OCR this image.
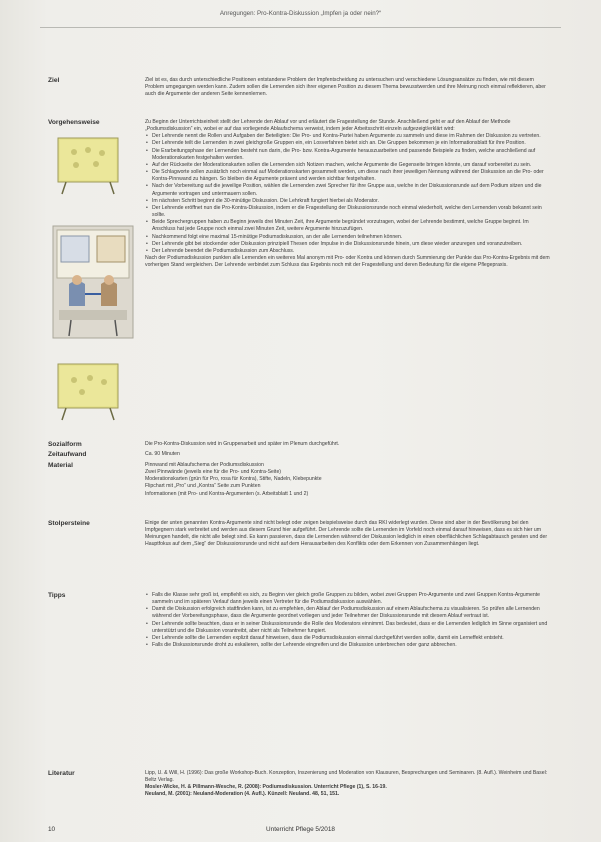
Anregungen: Pro-Kontra-Diskussion „Impfen ja oder nein?“
Ziel
Vorgehensweise
Sozialform
Zeitaufwand
Material
Stolpersteine
Tipps
Literatur

Ziel ist es, das durch unterschiedliche Positionen entstandene Problem der Impfentscheidung zu untersuchen und verschiedene Lösungsansätze zu finden, wie mit diesem Problem umgegangen werden kann. Zudem sollen die Lernenden sich ihrer eigenen Position zu diesem Thema bewusstwerden und ihre Meinung noch einmal reflektieren, aber auch die Argumente der anderen Seite kennenlernen.

Zu Beginn der Unterrichtseinheit stellt der Lehrende den Ablauf vor und erläutert die Fragestellung der Stunde. Anschließend geht er auf den Ablauf der Methode „Podiumsdiskussion“ ein, wobei er auf das vorliegende Ablaufschema verweist, indem jeder Arbeitsschritt einzeln aufgezeigt/erklärt wird:

• Der Lehrende nennt die Rollen und Aufgaben der Beteiligten: Die Pro- und Kontra-Partei haben Argumente zu sammeln und diese im Rahmen der Diskussion zu vertreten.
• Der Lehrende teilt die Lernenden in zwei gleichgroße Gruppen ein, ein Losverfahren bietet sich an. Die Gruppen bekommen je ein Informationsblatt für ihre Position.
• Die Erarbeitungsphase der Lernenden besteht nun darin, die Pro- bzw. Kontra-Argumente herauszuarbeiten und passende Beispiele zu finden, welche anschließend auf Moderationskarten festgehalten werden.
• Auf der Rückseite der Moderationskarten sollen die Lernenden sich Notizen machen, welche Argumente die Gegenseite bringen könnte, um darauf vorbereitet zu sein.
• Die Schlagworte sollen zusätzlich noch einmal auf Moderationskarten gesammelt werden, um diese nach ihrer jeweiligen Nennung während der Diskussion an die Pro- oder Kontra-Pinnwand zu hängen. So bleiben die Argumente präsent und werden sichtbar festgehalten.
• Nach der Vorbereitung auf die jeweilige Position, wählen die Lernenden zwei Sprecher für ihre Gruppe aus, welche in der Diskussionsrunde auf dem Podium sitzen und die Argumente vortragen und untermauern sollen.
• Im nächsten Schritt beginnt die 30-minütige Diskussion. Die Lehrkraft fungiert hierbei als Moderator.
• Der Lehrende eröffnet nun die Pro-Kontra-Diskussion, indem er die Fragestellung der Diskussionsrunde noch einmal wiederholt, welche den Lernenden vorab bekannt sein sollte.
• Beide Sprechergruppen haben zu Beginn jeweils drei Minuten Zeit, ihre Argumente begründet vorzutragen, wobei der Lehrende bestimmt, welche Gruppe beginnt. Im Anschluss hat jede Gruppe noch einmal zwei Minuten Zeit, weitere Argumente hinzuzufügen.
• Nachkommend folgt eine maximal 15-minütige Podiumsdiskussion, an der alle Lernenden teilnehmen können.
• Der Lehrende gibt bei stockender oder Diskussion prinzipiell Thesen oder Impulse in die Diskussionsrunde hinein, um diese wieder anzuregen und voranzutreiben.
• Der Lehrende beendet die Podiumsdiskussion zum Abschluss.

Nach der Podiumsdiskussion punkten alle Lernenden ein weiteres Mal anonym mit Pro- oder Kontra und können durch Summierung der Punkte das Pro-Kontra-Ergebnis mit dem vorherigen Stand vergleichen. Der Lehrende verbindet zum Schluss das Ergebnis noch mit der Fragestellung und deren Bedeutung für die eigene Pflegepraxis.

Die Pro-Kontra-Diskussion wird in Gruppenarbeit und später im Plenum durchgeführt.

Ca. 90 Minuten

Pinnwand mit Ablaufschema der Podiumsdiskussion

Zwei Pinnwände (jeweils eine für die Pro- und Kontra-Seite)

Moderationskarten (grün für Pro, rosa für Kontra), Stifte, Nadeln, Klebepunkte

Flipchart mit „Pro“ und „Kontra“ Seite zum Punkten

Informationen (mit Pro- und Kontra-Argumenten (s. Arbeitsblatt 1 und 2)

Einige der unten genannten Kontra-Argumente sind nicht belegt oder zeigen beispielsweise durch das RKI widerlegt wurden. Diese sind aber in der Bevölkerung bei den Impfgegnern stark verbreitet und werden aus diesem Grund hier aufgeführt. Der Lehrende sollte die Lernenden im Vorfeld noch einmal darauf hinweisen, dass es sich hier um Meinungen handelt, die nicht alle belegt sind. Es kann passieren, dass die Lernenden während der Diskussion lediglich in einen oberflächlichen Schlagabtausch geraten und der Hauptfokus auf dem „Sieg“ der Diskussionsrunde und nicht auf dem Herausarbeiten des Konflikts oder dem Erkennen von Zusammenhängen liegt.

• Falls die Klasse sehr groß ist, empfiehlt es sich, zu Beginn vier gleich große Gruppen zu bilden, wobei zwei Gruppen Pro-Argumente und zwei Gruppen Kontra-Argumente sammeln und im späteren Verlauf dann jeweils einen Vertreter für die Podiumsdiskussion auswählen.
• Damit die Diskussion erfolgreich stattfinden kann, ist zu empfehlen, den Ablauf der Podiumsdiskussion auf einem Ablaufschema zu visualisieren. So prüfen alle Lernenden während der Vorbereitungsphase, dass die Argumente geordnet vorliegen und jeder Teilnehmer der Diskussionsrunde mit diesem Ablauf vertraut ist.
• Der Lehrende sollte beachten, dass er in seiner Diskussionsrunde die Rolle des Moderators einnimmt. Das bedeutet, dass er die Lernenden lediglich im Sinne organisiert und unterstützt und die Diskussion vorantreibt, aber nicht als Teilnehmer fungiert.
• Der Lehrende sollte die Lernenden explizit darauf hinweisen, dass die Podiumsdiskussion einmal durchgeführt werden sollte, damit ein Lerneffekt entsteht.
• Falls die Diskussionsrunde droht zu eskalieren, sollte der Lehrende eingreifen und die Diskussion unterbrechen oder ganz abbrechen.

Lipp, U. & Will, H. (1996): Das große Workshop-Buch. Konzeption, Inszenierung und Moderation von Klausuren, Besprechungen und Seminaren. (8. Aufl.). Weinheim und Basel: Beltz Verlag.

Mosler-Wicke, H. & Pillmann-Wesche, R. (2008): Podiumsdiskussion. Unterricht Pflege (1), S. 16-19.

Neuland, M. (2001): Neuland-Moderation (4. Aufl.). Künzell: Neuland. 48, 51, 151.

10	Unterricht Pflege 5/2018
